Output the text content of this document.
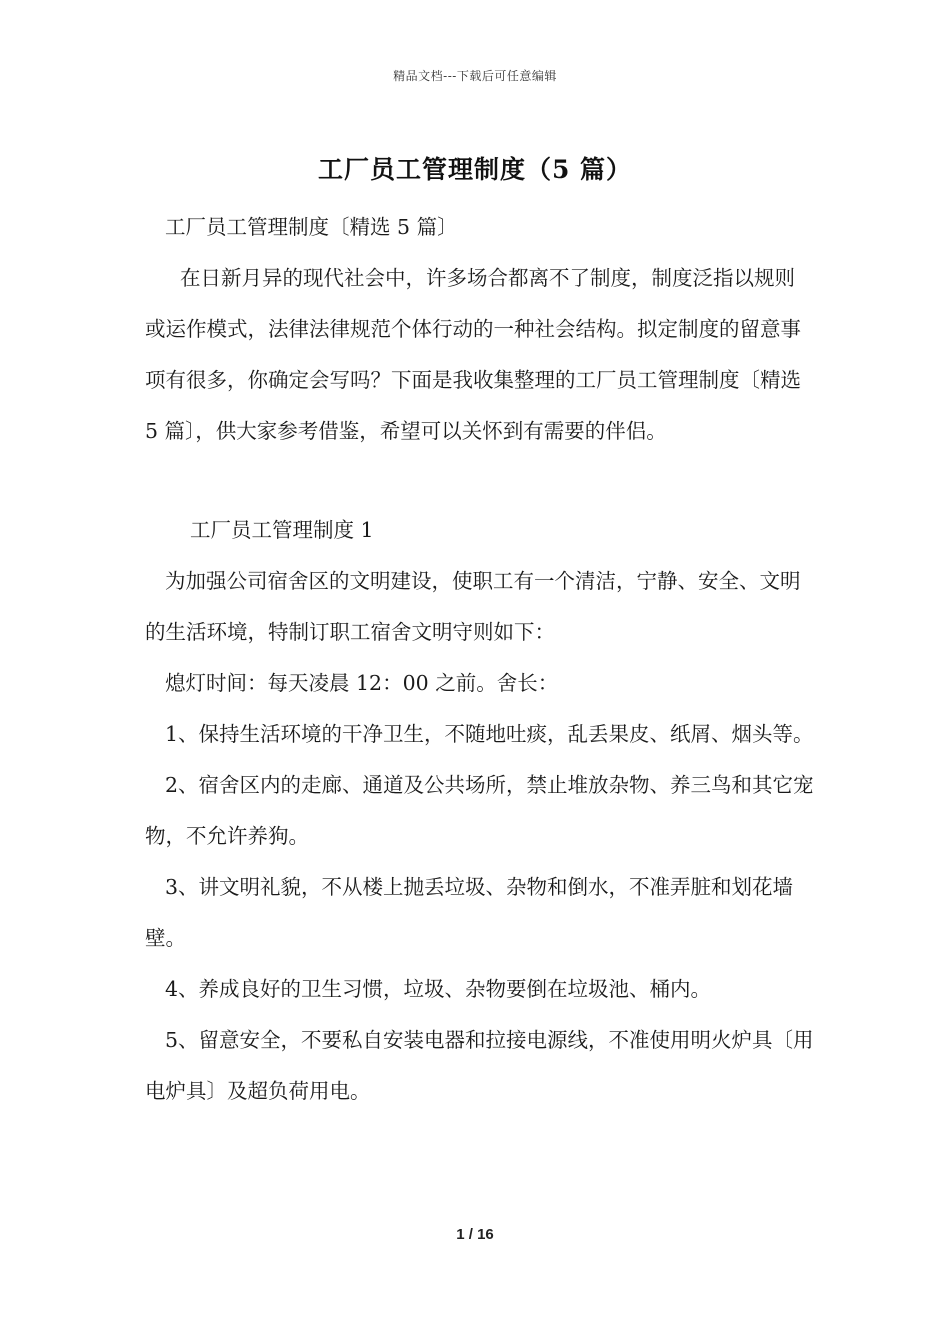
精品文档---下载后可任意编辑
工厂员工管理制度（5 篇）

工厂员工管理制度〔精选 5 篇〕

在日新月异的现代社会中，许多场合都离不了制度，制度泛指以规则或运作模式，法律法律规范个体行动的一种社会结构。拟定制度的留意事项有很多，你确定会写吗？下面是我收集整理的工厂员工管理制度〔精选 5 篇〕，供大家参考借鉴，希望可以关怀到有需要的伴侣。

工厂员工管理制度 1

为加强公司宿舍区的文明建设，使职工有一个清洁，宁静、安全、文明的生活环境，特制订职工宿舍文明守则如下：

熄灯时间：每天凌晨 12：00 之前。舍长：

1、保持生活环境的干净卫生，不随地吐痰，乱丢果皮、纸屑、烟头等。

2、宿舍区内的走廊、通道及公共场所，禁止堆放杂物、养三鸟和其它宠物，不允许养狗。

3、讲文明礼貌，不从楼上抛丢垃圾、杂物和倒水，不准弄脏和划花墙壁。

4、养成良好的卫生习惯，垃圾、杂物要倒在垃圾池、桶内。

5、留意安全，不要私自安装电器和拉接电源线，不准使用明火炉具〔用电炉具〕及超负荷用电。

1 / 16
